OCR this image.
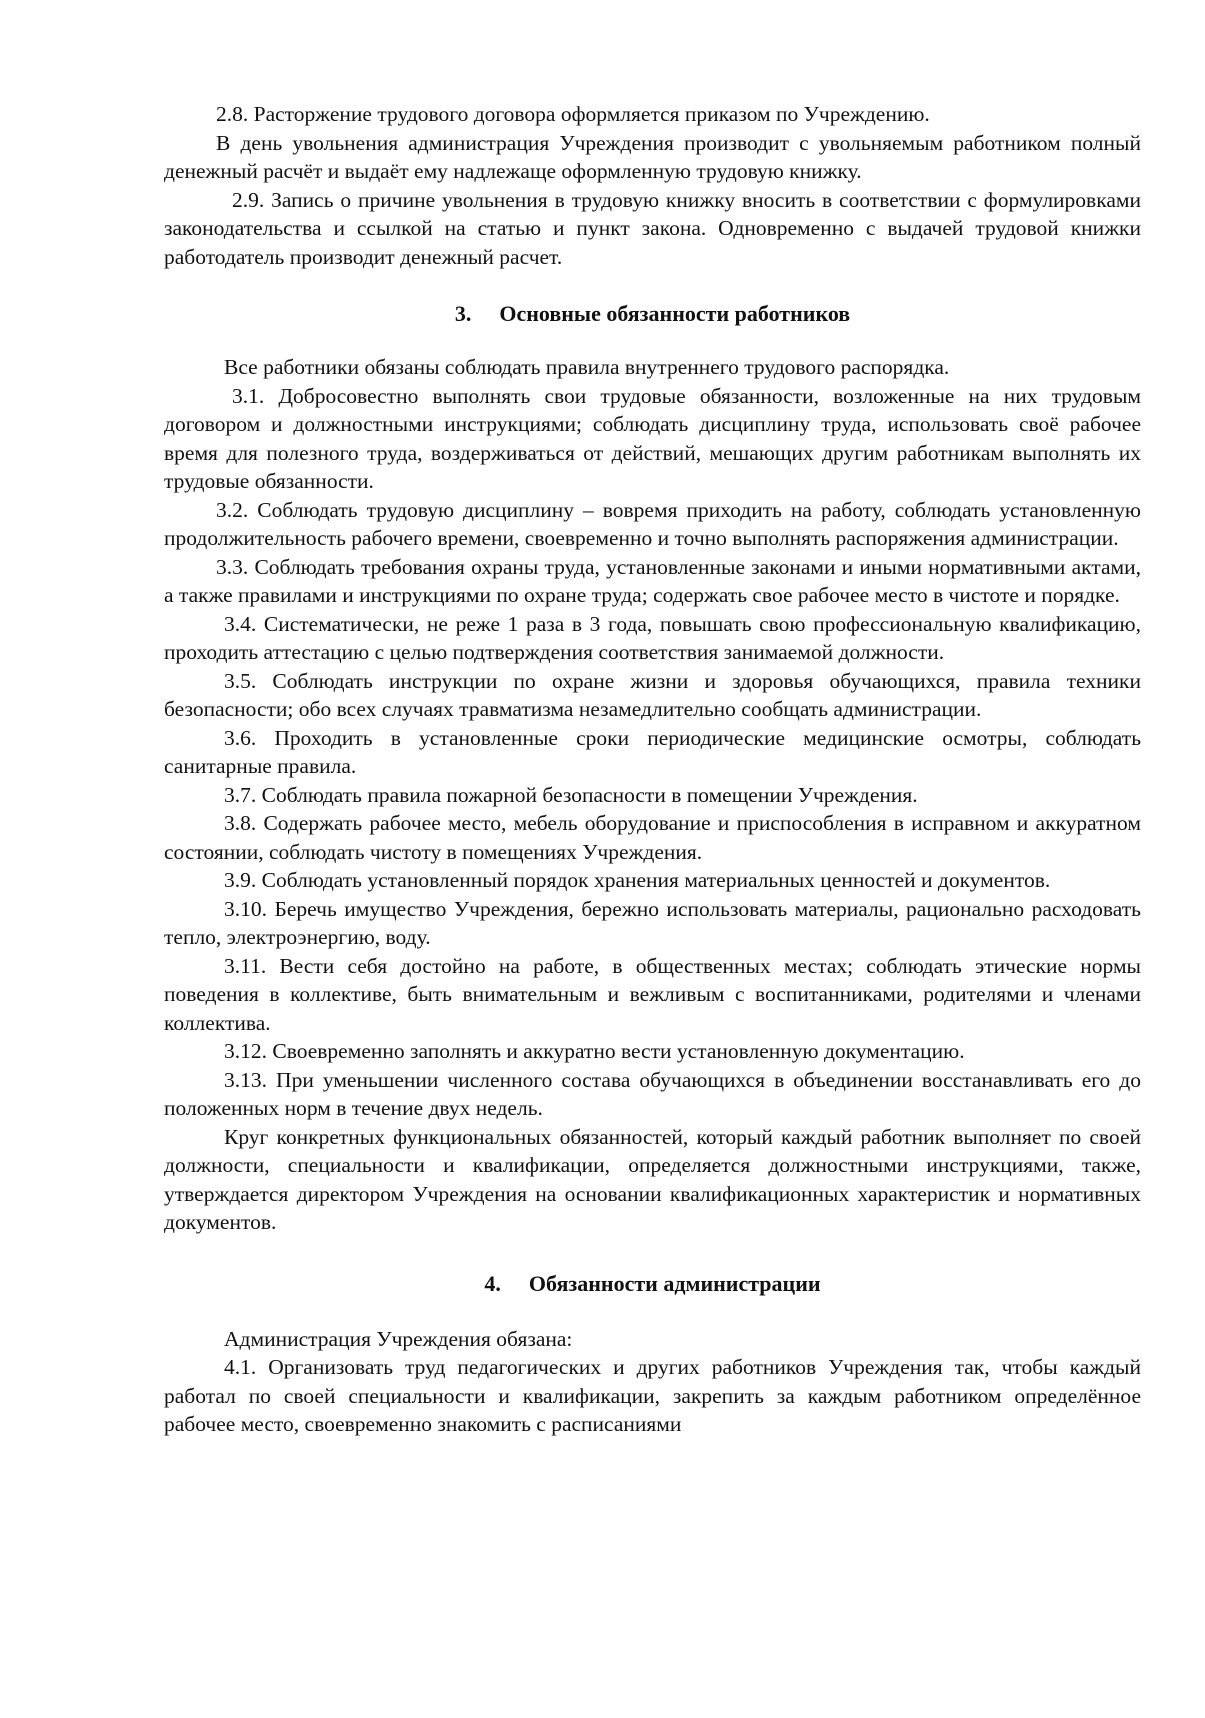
2.8. Расторжение трудового договора оформляется приказом по Учреждению.

В день увольнения администрация Учреждения производит с увольняемым работником полный денежный расчёт и выдаёт ему надлежаще оформленную трудовую книжку.

2.9. Запись о причине увольнения в трудовую книжку вносить в соответствии с формулировками законодательства и ссылкой на статью и пункт закона. Одновременно с выдачей трудовой книжки работодатель производит денежный расчет.

3. Основные обязанности работников

Все работники обязаны соблюдать правила внутреннего трудового распорядка.

3.1. Добросовестно выполнять свои трудовые обязанности, возложенные на них трудовым договором и должностными инструкциями; соблюдать дисциплину труда, использовать своё рабочее время для полезного труда, воздерживаться от действий, мешающих другим работникам выполнять их трудовые обязанности.

3.2. Соблюдать трудовую дисциплину – вовремя приходить на работу, соблюдать установленную продолжительность рабочего времени, своевременно и точно выполнять распоряжения администрации.

3.3. Соблюдать требования охраны труда, установленные законами и иными нормативными актами, а также правилами и инструкциями по охране труда; содержать свое рабочее место в чистоте и порядке.

3.4. Систематически, не реже 1 раза в 3 года, повышать свою профессиональную квалификацию, проходить аттестацию с целью подтверждения соответствия занимаемой должности.

3.5. Соблюдать инструкции по охране жизни и здоровья обучающихся, правила техники безопасности; обо всех случаях травматизма незамедлительно сообщать администрации.

3.6. Проходить в установленные сроки периодические медицинские осмотры, соблюдать санитарные правила.

3.7. Соблюдать правила пожарной безопасности в помещении Учреждения.

3.8. Содержать рабочее место, мебель оборудование и приспособления в исправном и аккуратном состоянии, соблюдать чистоту в помещениях Учреждения.

3.9. Соблюдать установленный порядок хранения материальных ценностей и документов.

3.10. Беречь имущество Учреждения, бережно использовать материалы, рационально расходовать тепло, электроэнергию, воду.

3.11. Вести себя достойно на работе, в общественных местах; соблюдать этические нормы поведения в коллективе, быть внимательным и вежливым с воспитанниками, родителями и членами коллектива.

3.12. Своевременно заполнять и аккуратно вести установленную документацию.

3.13. При уменьшении численного состава обучающихся в объединении восстанавливать его до положенных норм в течение двух недель.

Круг конкретных функциональных обязанностей, который каждый работник выполняет по своей должности, специальности и квалификации, определяется должностными инструкциями, также, утверждается директором Учреждения на основании квалификационных характеристик и нормативных документов.

4. Обязанности администрации

Администрация Учреждения обязана:

4.1. Организовать труд педагогических и других работников Учреждения так, чтобы каждый работал по своей специальности и квалификации, закрепить за каждым работником определённое рабочее место, своевременно знакомить с расписаниями
